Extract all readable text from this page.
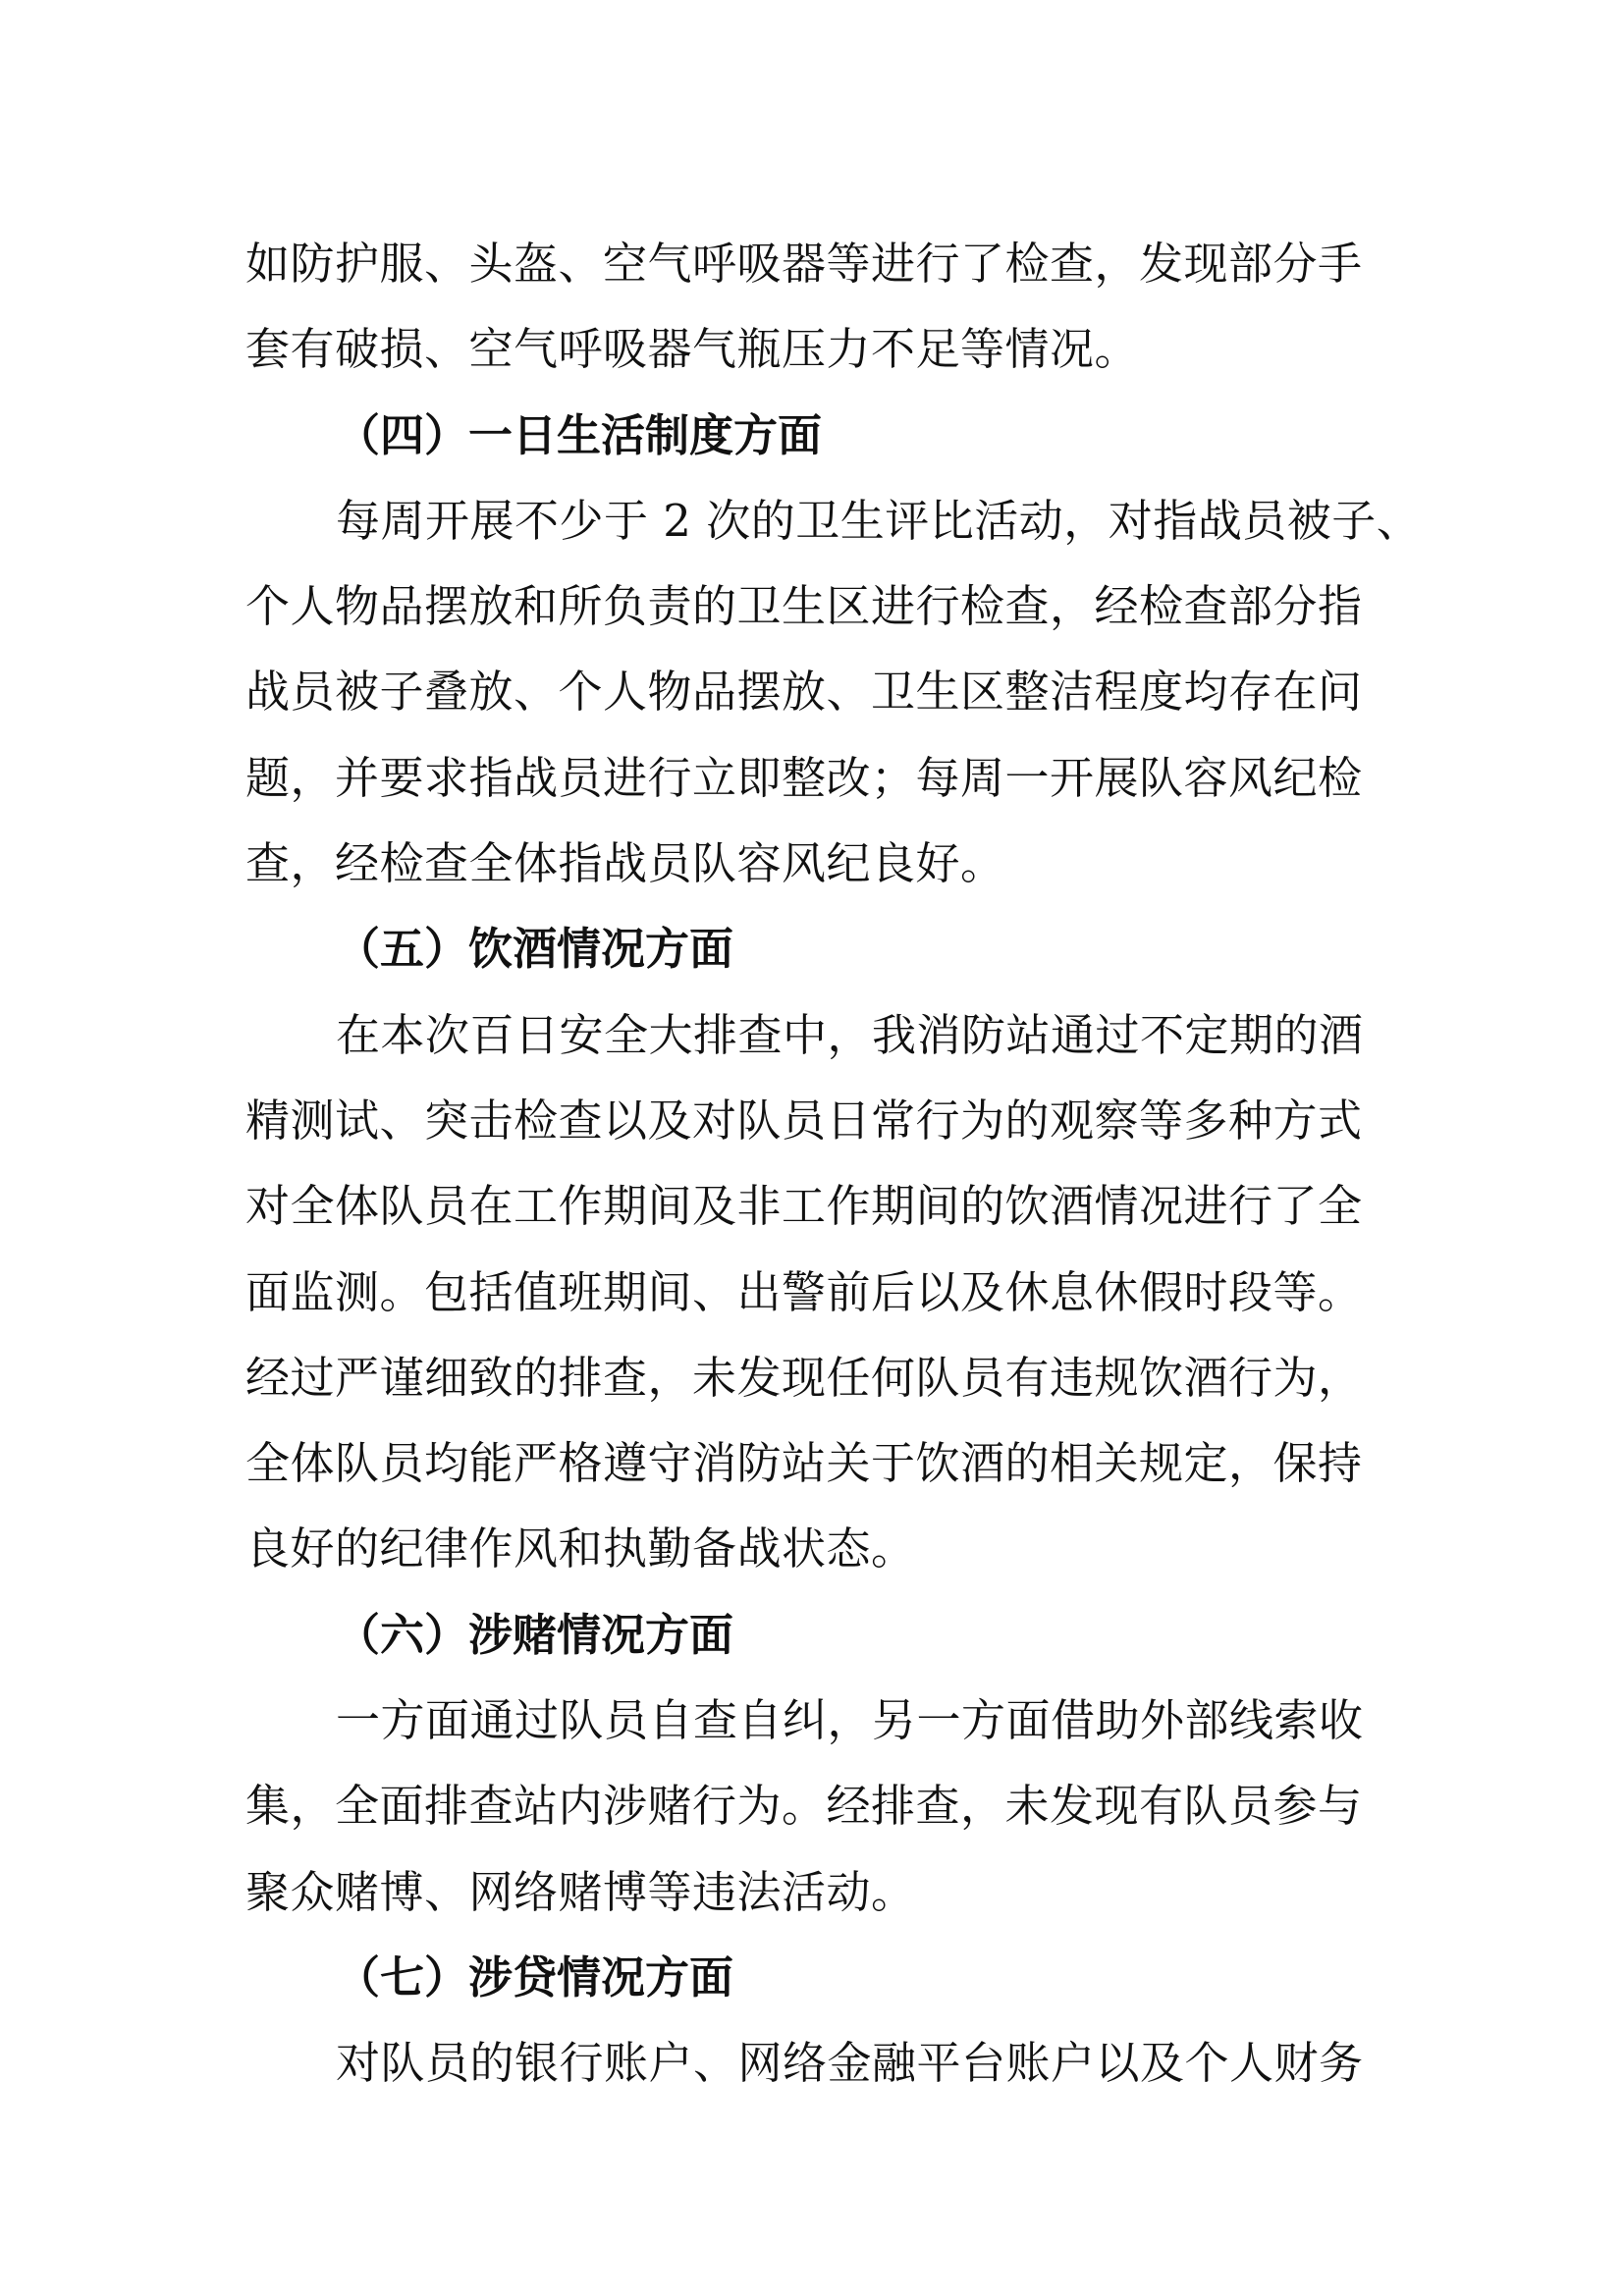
如防护服、头盔、空气呼吸器等进行了检查，发现部分手
套有破损、空气呼吸器气瓶压力不足等情况。
（四）一日生活制度方面
每周开展不少于 2 次的卫生评比活动，对指战员被子、
个人物品摆放和所负责的卫生区进行检查，经检查部分指
战员被子叠放、个人物品摆放、卫生区整洁程度均存在问
题，并要求指战员进行立即整改；每周一开展队容风纪检
查，经检查全体指战员队容风纪良好。
（五）饮酒情况方面
在本次百日安全大排查中，我消防站通过不定期的酒
精测试、突击检查以及对队员日常行为的观察等多种方式
对全体队员在工作期间及非工作期间的饮酒情况进行了全
面监测。包括值班期间、出警前后以及休息休假时段等。
经过严谨细致的排查，未发现任何队员有违规饮酒行为，
全体队员均能严格遵守消防站关于饮酒的相关规定，保持
良好的纪律作风和执勤备战状态。
（六）涉赌情况方面
一方面通过队员自查自纠，另一方面借助外部线索收
集，全面排查站内涉赌行为。经排查，未发现有队员参与
聚众赌博、网络赌博等违法活动。
（七）涉贷情况方面
对队员的银行账户、网络金融平台账户以及个人财务
